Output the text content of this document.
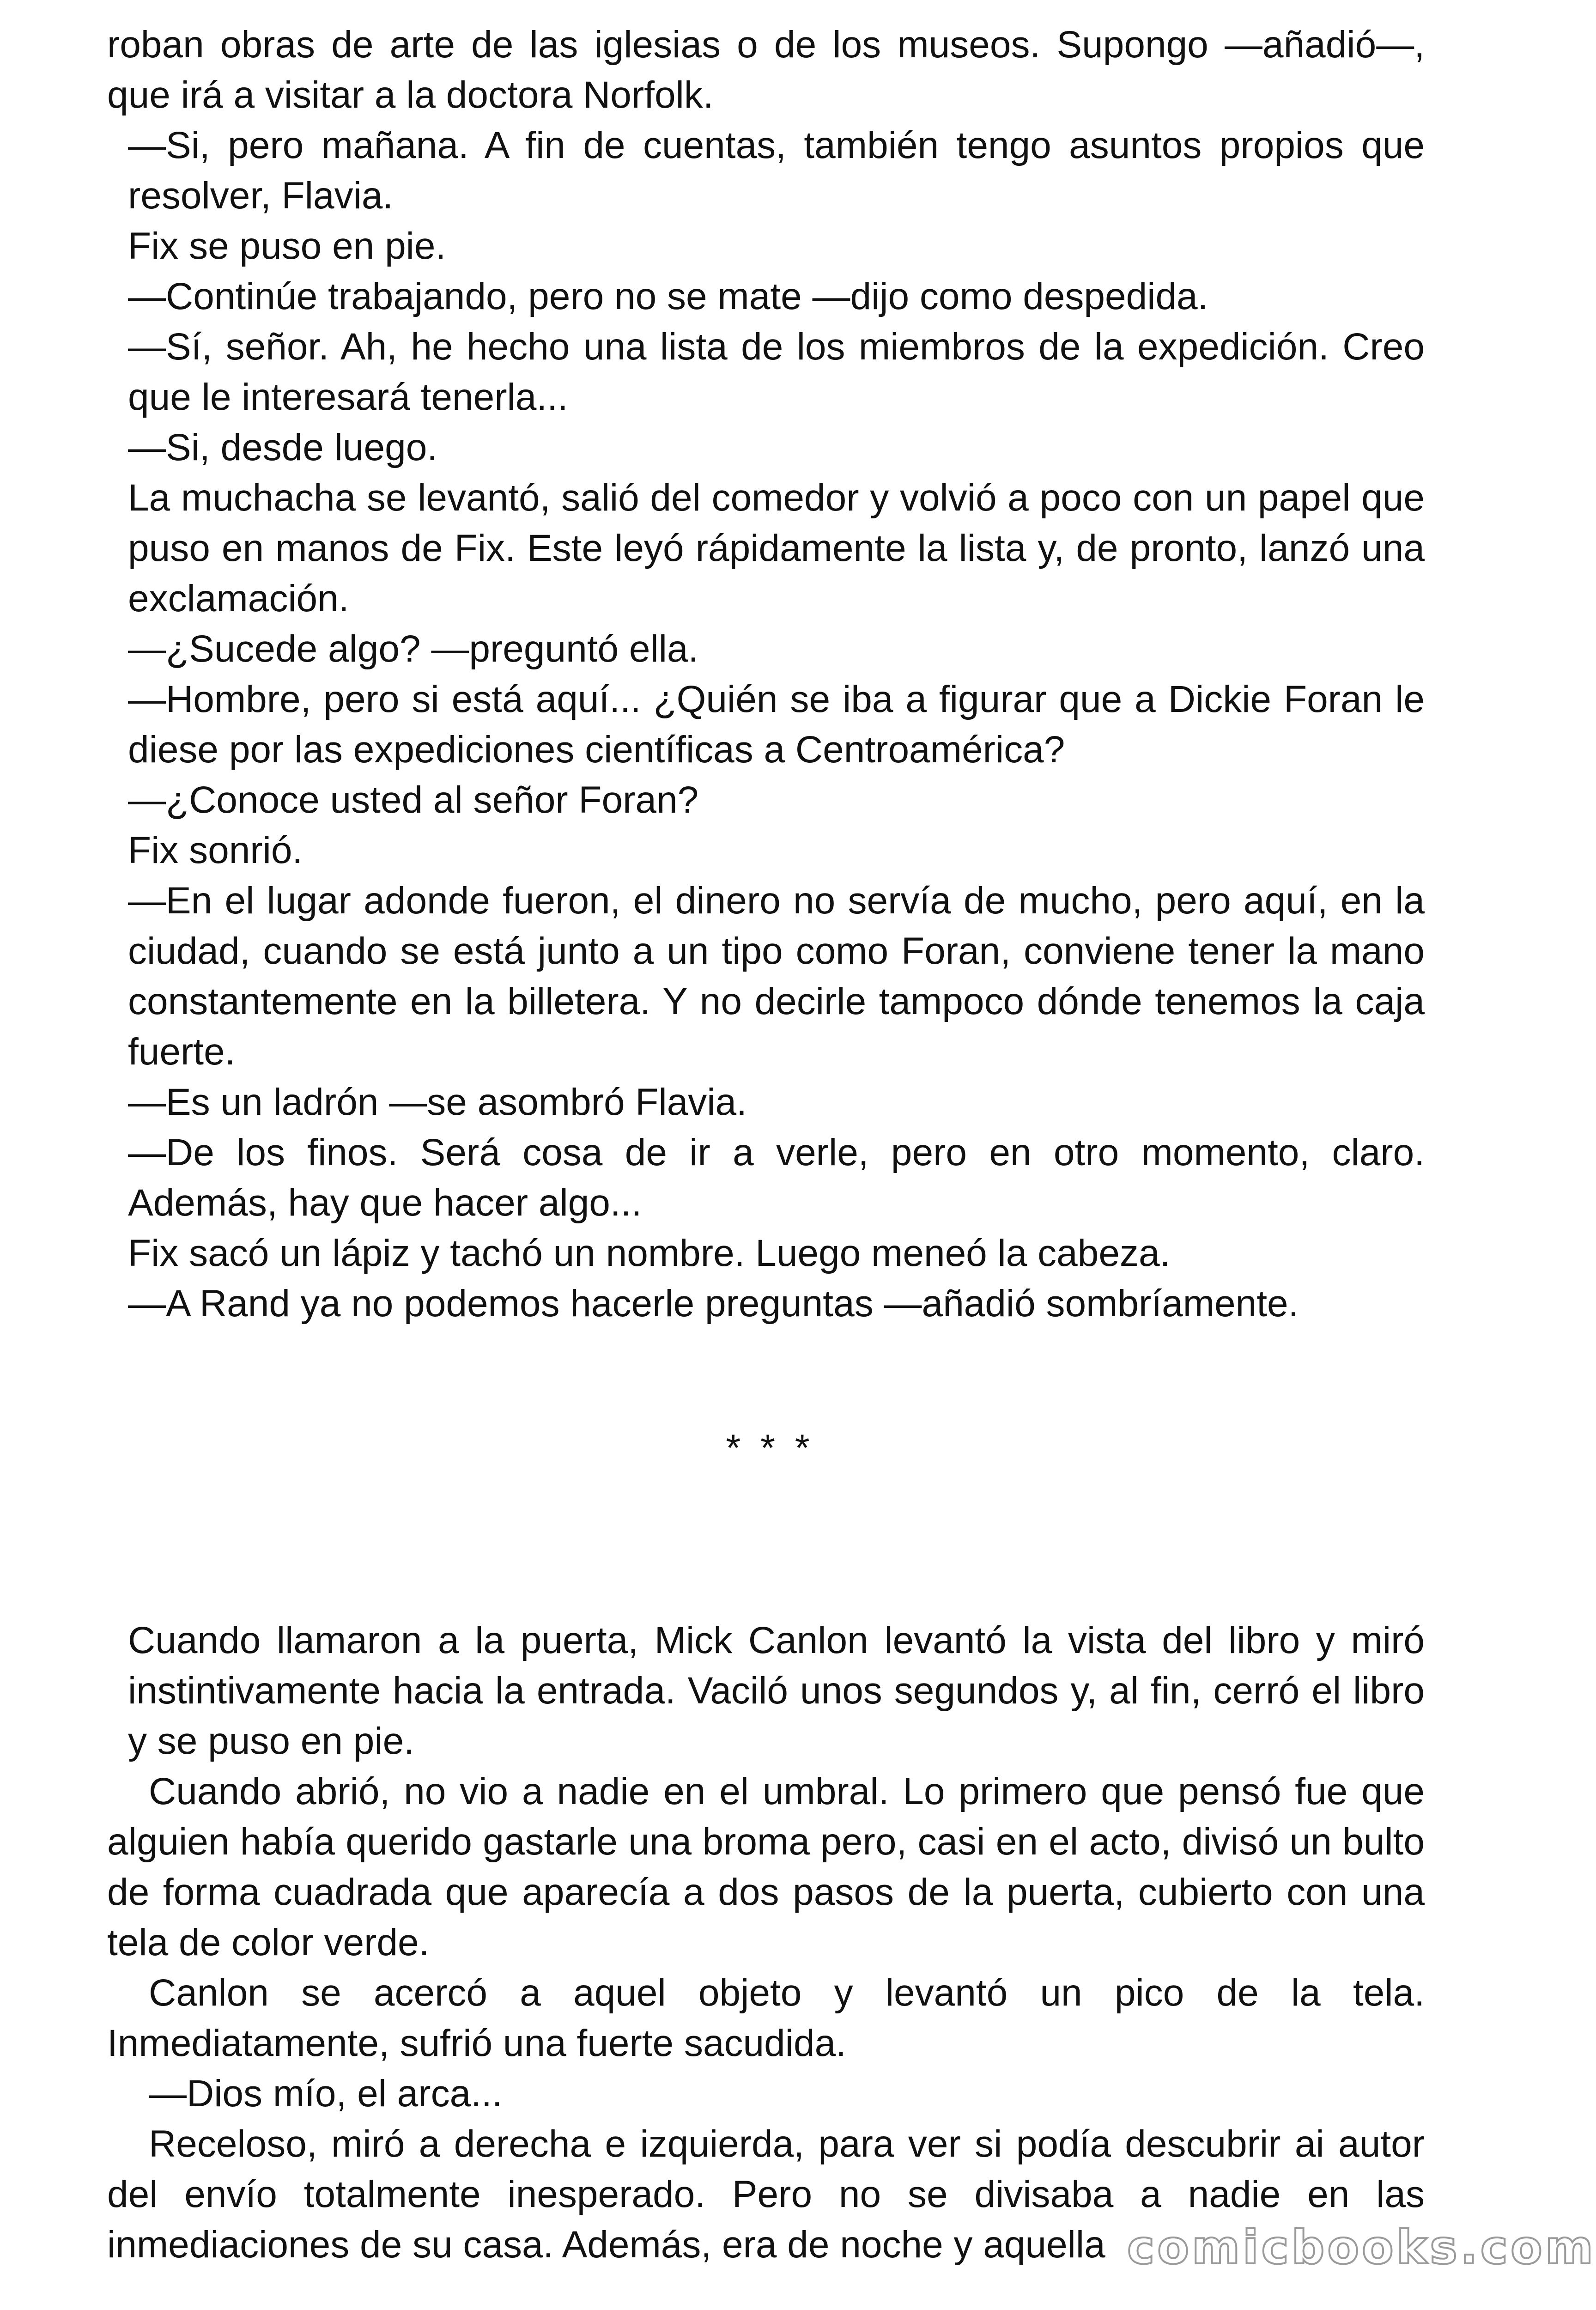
roban obras de arte de las iglesias o de los museos. Supongo —añadió—, que irá a visitar a la doctora Norfolk.

—Si, pero mañana. A fin de cuentas, también tengo asuntos propios que resolver, Flavia.

Fix se puso en pie.

—Continúe trabajando, pero no se mate —dijo como despedida.

—Sí, señor. Ah, he hecho una lista de los miembros de la expedición. Creo que le interesará tenerla...

—Si, desde luego.

La muchacha se levantó, salió del comedor y volvió a poco con un papel que puso en manos de Fix. Este leyó rápidamente la lista y, de pronto, lanzó una exclamación.

—¿Sucede algo? —preguntó ella.

—Hombre, pero si está aquí... ¿Quién se iba a figurar que a Dickie Foran le diese por las expediciones científicas a Centroamérica?

—¿Conoce usted al señor Foran?

Fix sonrió.

—En el lugar adonde fueron, el dinero no servía de mucho, pero aquí, en la ciudad, cuando se está junto a un tipo como Foran, conviene tener la mano constantemente en la billetera. Y no decirle tampoco dónde tenemos la caja fuerte.

—Es un ladrón —se asombró Flavia.

—De los finos. Será cosa de ir a verle, pero en otro momento, claro. Además, hay que hacer algo...

Fix sacó un lápiz y tachó un nombre. Luego meneó la cabeza.

—A Rand ya no podemos hacerle preguntas —añadió sombríamente.

* * *

Cuando llamaron a la puerta, Mick Canlon levantó la vista del libro y miró instintivamente hacia la entrada. Vaciló unos segundos y, al fin, cerró el libro y se puso en pie.

Cuando abrió, no vio a nadie en el umbral. Lo primero que pensó fue que alguien había querido gastarle una broma pero, casi en el acto, divisó un bulto de forma cuadrada que aparecía a dos pasos de la puerta, cubierto con una tela de color verde.

Canlon se acercó a aquel objeto y levantó un pico de la tela. Inmediatamente, sufrió una fuerte sacudida.

—Dios mío, el arca...

Receloso, miró a derecha e izquierda, para ver si podía descubrir ai autor del envío totalmente inesperado. Pero no se divisaba a nadie en las inmediaciones de su casa. Además, era de noche y aquella comicbooks.com
